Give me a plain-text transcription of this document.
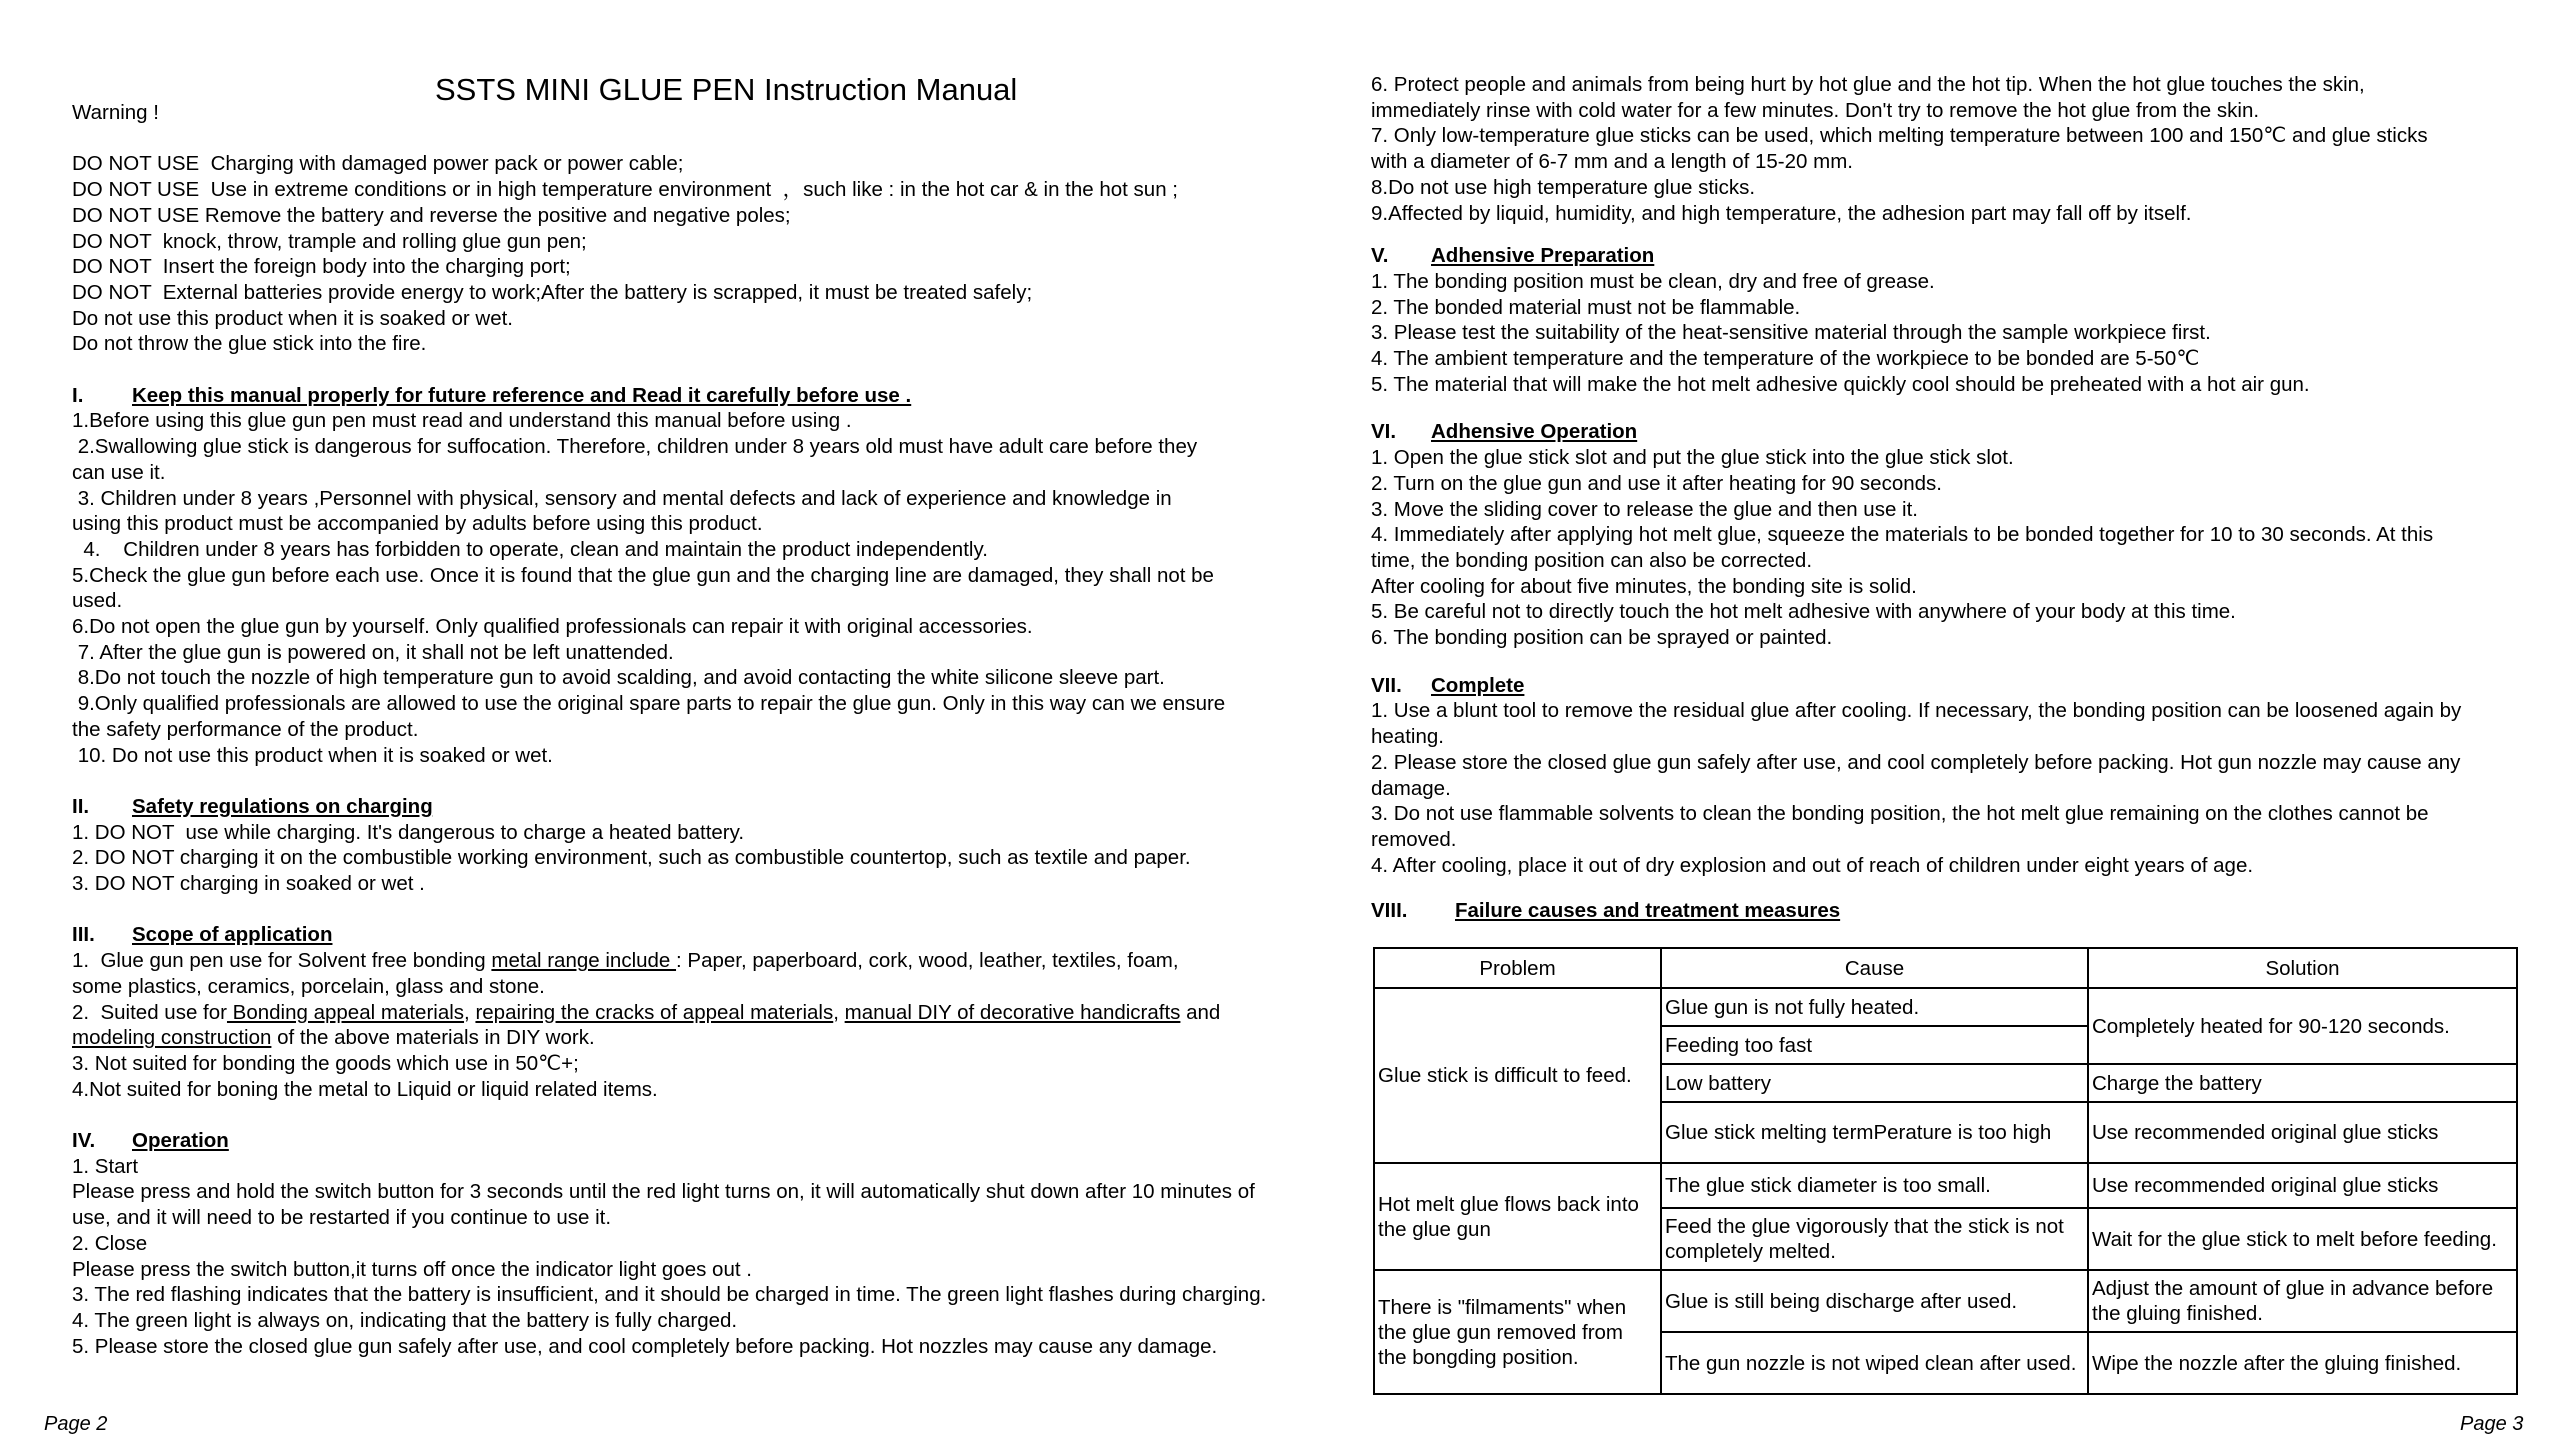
SSTS MINI GLUE PEN Instruction Manual
Warning !
DO NOT USE  Charging with damaged power pack or power cable;
DO NOT USE  Use in extreme conditions or in high temperature environment  ，such like : in the hot car & in the hot sun ;
DO NOT USE Remove the battery and reverse the positive and negative poles;
DO NOT  knock, throw, trample and rolling glue gun pen;
DO NOT  Insert the foreign body into the charging port;
DO NOT  External batteries provide energy to work;After the battery is scrapped, it must be treated safely;
Do not use this product when it is soaked or wet.
Do not throw the glue stick into the fire.
I. Keep this manual properly for future reference and Read it carefully before use .
1.Before using this glue gun pen must read and understand this manual before using .
2.Swallowing glue stick is dangerous for suffocation. Therefore, children under 8 years old must have adult care before they
can use it.
3. Children under 8 years ,Personnel with physical, sensory and mental defects and lack of experience and knowledge in
using this product must be accompanied by adults before using this product.
4.    Children under 8 years has forbidden to operate, clean and maintain the product independently.
5.Check the glue gun before each use. Once it is found that the glue gun and the charging line are damaged, they shall not be
used.
6.Do not open the glue gun by yourself. Only qualified professionals can repair it with original accessories.
7. After the glue gun is powered on, it shall not be left unattended.
8.Do not touch the nozzle of high temperature gun to avoid scalding, and avoid contacting the white silicone sleeve part.
9.Only qualified professionals are allowed to use the original spare parts to repair the glue gun. Only in this way can we ensure
the safety performance of the product.
10. Do not use this product when it is soaked or wet.
II. Safety regulations on charging
1. DO NOT  use while charging. It's dangerous to charge a heated battery.
2. DO NOT charging it on the combustible working environment, such as combustible countertop, such as textile and paper.
3. DO NOT charging in soaked or wet .
III. Scope of application
1.  Glue gun pen use for Solvent free bonding metal range include : Paper, paperboard, cork, wood, leather, textiles, foam,
some plastics, ceramics, porcelain, glass and stone.
2.  Suited use for Bonding appeal materials, repairing the cracks of appeal materials, manual DIY of decorative handicrafts and
modeling construction of the above materials in DIY work.
3. Not suited for bonding the goods which use in 50℃+;
4.Not suited for boning the metal to Liquid or liquid related items.
IV. Operation
1. Start
Please press and hold the switch button for 3 seconds until the red light turns on, it will automatically shut down after 10 minutes of
use, and it will need to be restarted if you continue to use it.
2. Close
Please press the switch button,it turns off once the indicator light goes out .
3. The red flashing indicates that the battery is insufficient, and it should be charged in time. The green light flashes during charging.
4. The green light is always on, indicating that the battery is fully charged.
5. Please store the closed glue gun safely after use, and cool completely before packing. Hot nozzles may cause any damage.
Page 2
6. Protect people and animals from being hurt by hot glue and the hot tip. When the hot glue touches the skin,
immediately rinse with cold water for a few minutes. Don't try to remove the hot glue from the skin.
7. Only low-temperature glue sticks can be used, which melting temperature between 100 and 150℃ and glue sticks
with a diameter of 6-7 mm and a length of 15-20 mm.
8.Do not use high temperature glue sticks.
9.Affected by liquid, humidity, and high temperature, the adhesion part may fall off by itself.
V. Adhensive Preparation
1. The bonding position must be clean, dry and free of grease.
2. The bonded material must not be flammable.
3. Please test the suitability of the heat-sensitive material through the sample workpiece first.
4. The ambient temperature and the temperature of the workpiece to be bonded are 5-50℃
5. The material that will make the hot melt adhesive quickly cool should be preheated with a hot air gun.
VI. Adhensive Operation
1. Open the glue stick slot and put the glue stick into the glue stick slot.
2. Turn on the glue gun and use it after heating for 90 seconds.
3. Move the sliding cover to release the glue and then use it.
4. Immediately after applying hot melt glue, squeeze the materials to be bonded together for 10 to 30 seconds. At this
time, the bonding position can also be corrected.
After cooling for about five minutes, the bonding site is solid.
5. Be careful not to directly touch the hot melt adhesive with anywhere of your body at this time.
6. The bonding position can be sprayed or painted.
VII. Complete
1. Use a blunt tool to remove the residual glue after cooling. If necessary, the bonding position can be loosened again by
heating.
2. Please store the closed glue gun safely after use, and cool completely before packing. Hot gun nozzle may cause any
damage.
3. Do not use flammable solvents to clean the bonding position, the hot melt glue remaining on the clothes cannot be
removed.
4. After cooling, place it out of dry explosion and out of reach of children under eight years of age.
VIII. Failure causes and treatment measures
Page 3
Problem	Cause	Solution
Glue stick is difficult to feed.	Glue gun is not fully heated.	Completely heated for 90-120 seconds.
	Feeding too fast	
	Low battery	Charge the battery
	Glue stick melting termPerature is too high	Use recommended original glue sticks
Hot melt glue flows back into the glue gun	The glue stick diameter is too small.	Use recommended original glue sticks
	Feed the glue vigorously that the stick is not completely melted.	Wait for the glue stick to melt before feeding.
There is "filmaments" when the glue gun removed from the bongding position.	Glue is still being discharge after used.	Adjust the amount of glue in advance before the gluing finished.
	The gun nozzle is not wiped clean after used.	Wipe the nozzle after the gluing finished.
